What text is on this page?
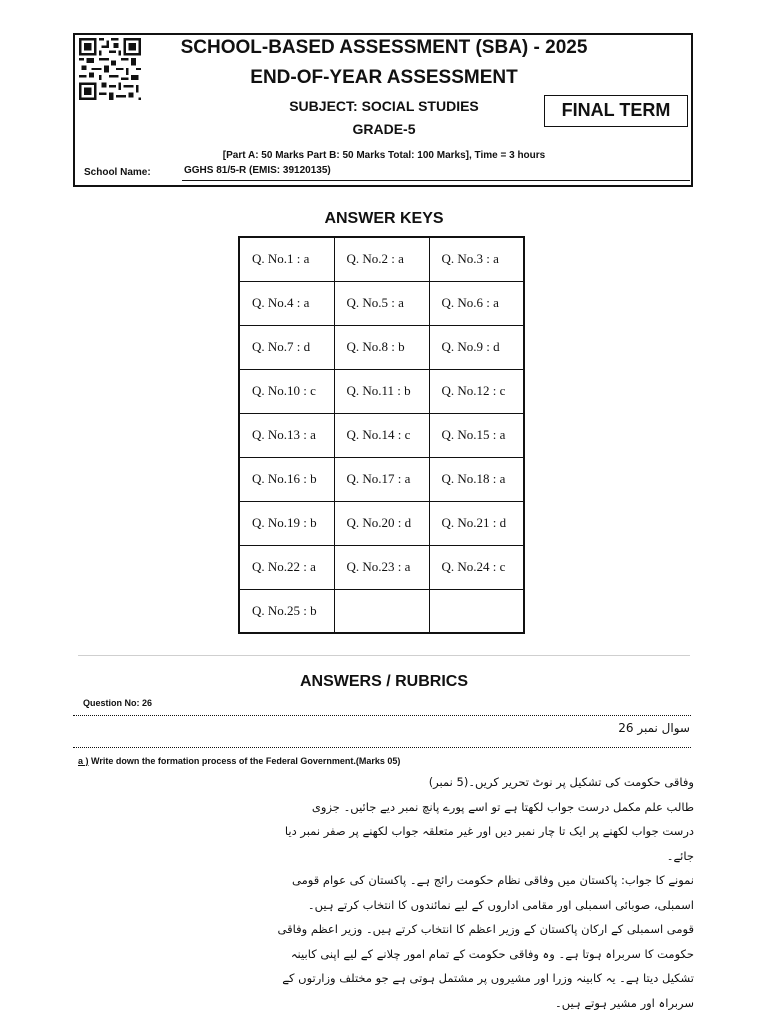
SCHOOL-BASED ASSESSMENT (SBA) - 2025
END-OF-YEAR ASSESSMENT
SUBJECT: SOCIAL STUDIES
GRADE-5
[Part A: 50 Marks Part B: 50 Marks Total: 100 Marks], Time = 3 hours
FINAL TERM
School Name:	GGHS 81/5-R (EMIS: 39120135)
ANSWER KEYS
Q. No.1 : a	Q. No.2 : a	Q. No.3 : a
Q. No.4 : a	Q. No.5 : a	Q. No.6 : a
Q. No.7 : d	Q. No.8 : b	Q. No.9 : d
Q. No.10 : c	Q. No.11 : b	Q. No.12 : c
Q. No.13 : a	Q. No.14 : c	Q. No.15 : a
Q. No.16 : b	Q. No.17 : a	Q. No.18 : a
Q. No.19 : b	Q. No.20 : d	Q. No.21 : d
Q. No.22 : a	Q. No.23 : a	Q. No.24 : c
Q. No.25 : b		
ANSWERS / RUBRICS
Question No: 26
سوال نمبر 26
a ) Write down the formation process of the Federal Government.(Marks 05)
وفاقی حکومت کی تشکیل پر نوٹ تحریر کریں۔(5 نمبر)
طالب علم مکمل درست جواب لکھتا ہے تو اسے پورے پانچ نمبر دیے جائیں۔ جزوی
درست جواب لکھنے پر ایک تا چار نمبر دیں اور غیر متعلقہ جواب لکھنے پر صفر نمبر دیا
جائے۔
نمونے کا جواب: پاکستان میں وفاقی نظام حکومت رائج ہے۔ پاکستان کی عوام قومی
اسمبلی، صوبائی اسمبلی اور مقامی اداروں کے لیے نمائندوں کا انتخاب کرتے ہیں۔
قومی اسمبلی کے ارکان پاکستان کے وزیر اعظم کا انتخاب کرتے ہیں۔ وزیر اعظم وفاقی
حکومت کا سربراہ ہوتا ہے۔ وہ وفاقی حکومت کے تمام امور چلانے کے لیے اپنی کابینہ
تشکیل دیتا ہے۔ یہ کابینہ وزرا اور مشیروں پر مشتمل ہوتی ہے جو مختلف وزارتوں کے
سربراہ اور مشیر ہوتے ہیں۔
